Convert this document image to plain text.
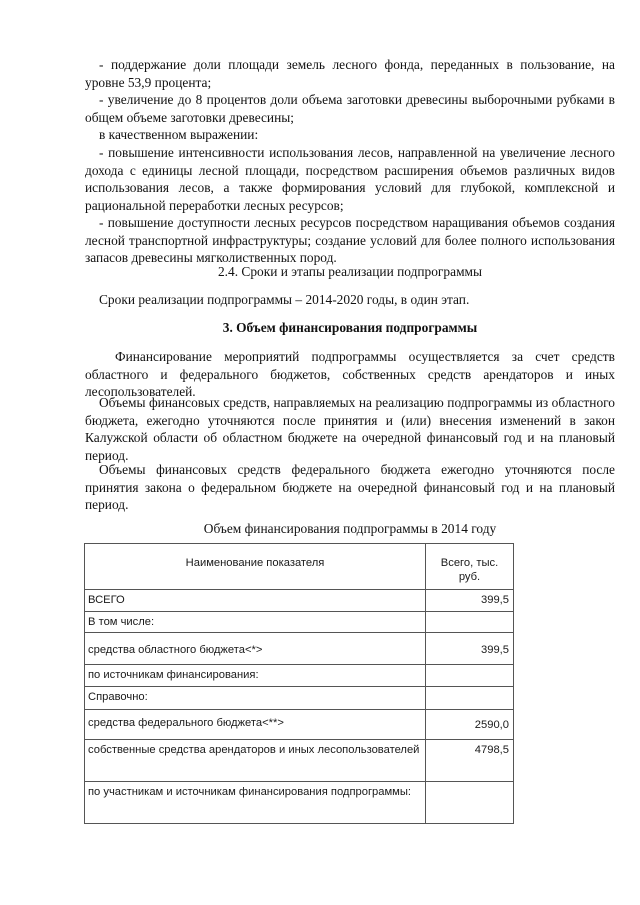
- поддержание доли площади земель лесного фонда, переданных в пользование, на уровне 53,9 процента;

- увеличение до 8 процентов доли объема заготовки древесины выборочными рубками в общем объеме заготовки древесины;

в качественном выражении:

- повышение интенсивности использования лесов, направленной на увеличение лесного дохода с единицы лесной площади, посредством расширения объемов различных видов использования лесов, а также формирования условий для глубокой, комплексной и рациональной переработки лесных ресурсов;

- повышение доступности лесных ресурсов посредством наращивания объемов создания лесной транспортной инфраструктуры; создание условий для более полного использования запасов древесины мягколиственных пород.

2.4. Сроки и этапы реализации подпрограммы

Сроки реализации подпрограммы – 2014-2020 годы, в один этап.

3. Объем финансирования подпрограммы

Финансирование мероприятий подпрограммы осуществляется за счет средств областного и федерального бюджетов, собственных средств арендаторов и иных лесопользователей.

Объемы финансовых средств, направляемых на реализацию подпрограммы из областного бюджета, ежегодно уточняются после принятия и (или) внесения изменений в закон Калужской области об областном бюджете на очередной финансовый год и на плановый период.

Объемы финансовых средств федерального бюджета ежегодно уточняются после принятия закона о федеральном бюджете на очередной финансовый год и на плановый период.

Объем финансирования подпрограммы в 2014 году

Наименование показателя	Всего, тыс. руб.
ВСЕГО	399,5
В том числе:	
средства областного бюджета<*>	399,5
по источникам финансирования:	
Справочно:	
средства федерального бюджета<**>	2590,0
собственные средства арендаторов и иных лесопользователей	4798,5
по участникам и источникам финансирования подпрограммы:	
